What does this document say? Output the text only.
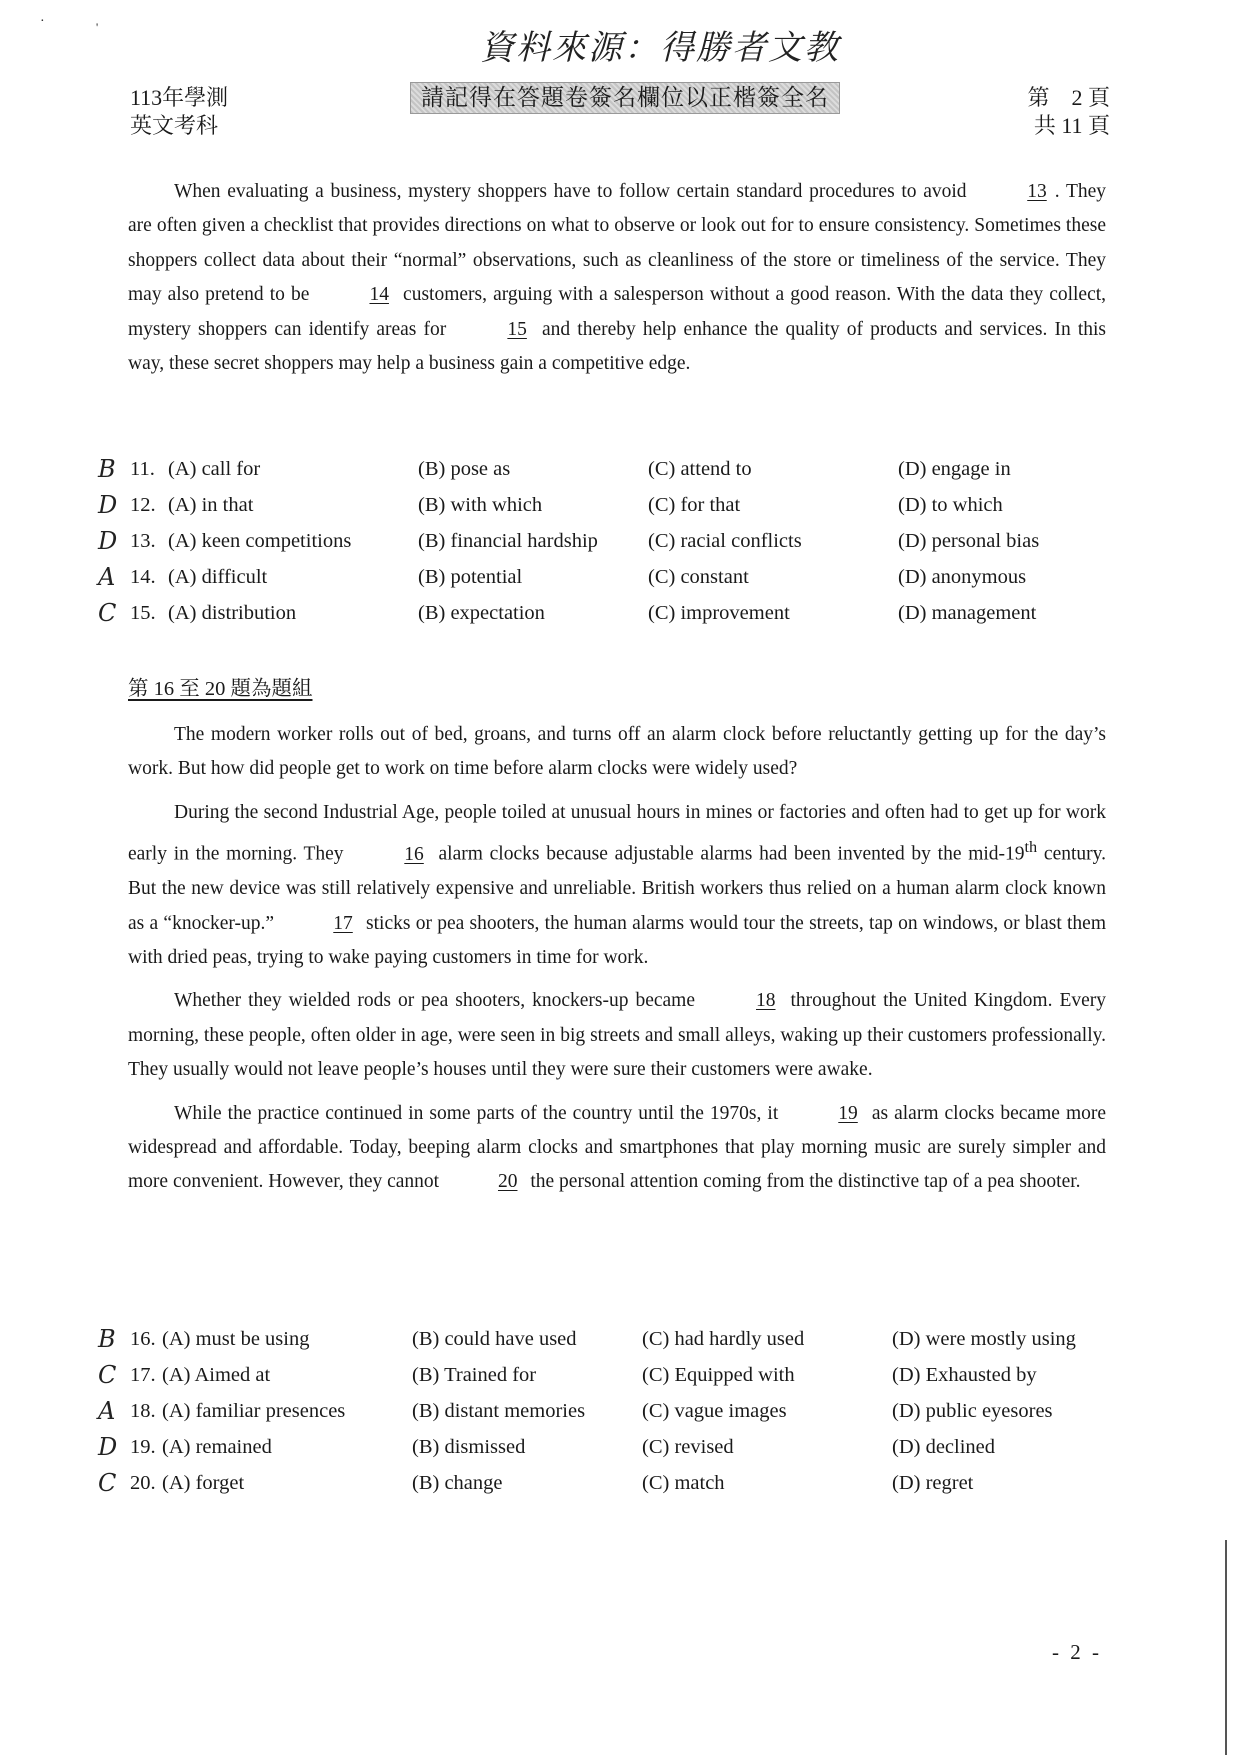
·	'
資料來源：得勝者文教
113年學測
英文考科
請記得在答題卷簽名欄位以正楷簽全名	第　2 頁
共 11 頁

When evaluating a business, mystery shoppers have to follow certain standard procedures to avoid	13 . They are often given a checklist that provides directions on what to observe or look out for to ensure consistency. Sometimes these shoppers collect data about their “normal” observations, such as cleanliness of the store or timeliness of the service. They may also pretend to be	14 customers, arguing with a salesperson without a good reason. With the data they collect, mystery shoppers can identify areas for	15 and thereby help enhance the quality of products and services. In this way, these secret shoppers may help a business gain a competitive edge.

B 11. (A) call for	(B) pose as	(C) attend to	(D) engage in
D 12. (A) in that	(B) with which	(C) for that	(D) to which
D 13. (A) keen competitions	(B) financial hardship (C) racial conflicts	(D) personal bias
A 14. (A) difficult	(B) potential	(C) constant	(D) anonymous
C 15. (A) distribution	(B) expectation	(C) improvement	(D) management
第 16 至 20 題為題組

The modern worker rolls out of bed, groans, and turns off an alarm clock before reluctantly getting up for the day’s work. But how did people get to work on time before alarm clocks were widely used?

During the second Industrial Age, people toiled at unusual hours in mines or factories and often had to get up for work early in the morning. They	16 alarm clocks because adjustable alarms had been invented by the mid-19th century. But the new device was still relatively expensive and unreliable. British workers thus relied on a human alarm clock known as a “knocker-up.”	17 sticks or pea shooters, the human alarms would tour the streets, tap on windows, or blast them with dried peas, trying to wake paying customers in time for work.

Whether they wielded rods or pea shooters, knockers-up became	18 throughout the United Kingdom. Every morning, these people, often older in age, were seen in big streets and small alleys, waking up their customers professionally. They usually would not leave people’s houses until they were sure their customers were awake.

While the practice continued in some parts of the country until the 1970s, it	19 as alarm clocks became more widespread and affordable. Today, beeping alarm clocks and smartphones that play morning music are surely simpler and more convenient. However, they cannot	20 the personal attention coming from the distinctive tap of a pea shooter.

B 16. (A) must be using	(B) could have used	(C) had hardly used	(D) were mostly using
C 17. (A) Aimed at	(B) Trained for	(C) Equipped with	(D) Exhausted by
A 18. (A) familiar presences	(B) distant memories	(C) vague images	(D) public eyesores
D 19. (A) remained	(B) dismissed	(C) revised	(D) declined
C 20. (A) forget	(B) change	(C) match	(D) regret
- 2 -
